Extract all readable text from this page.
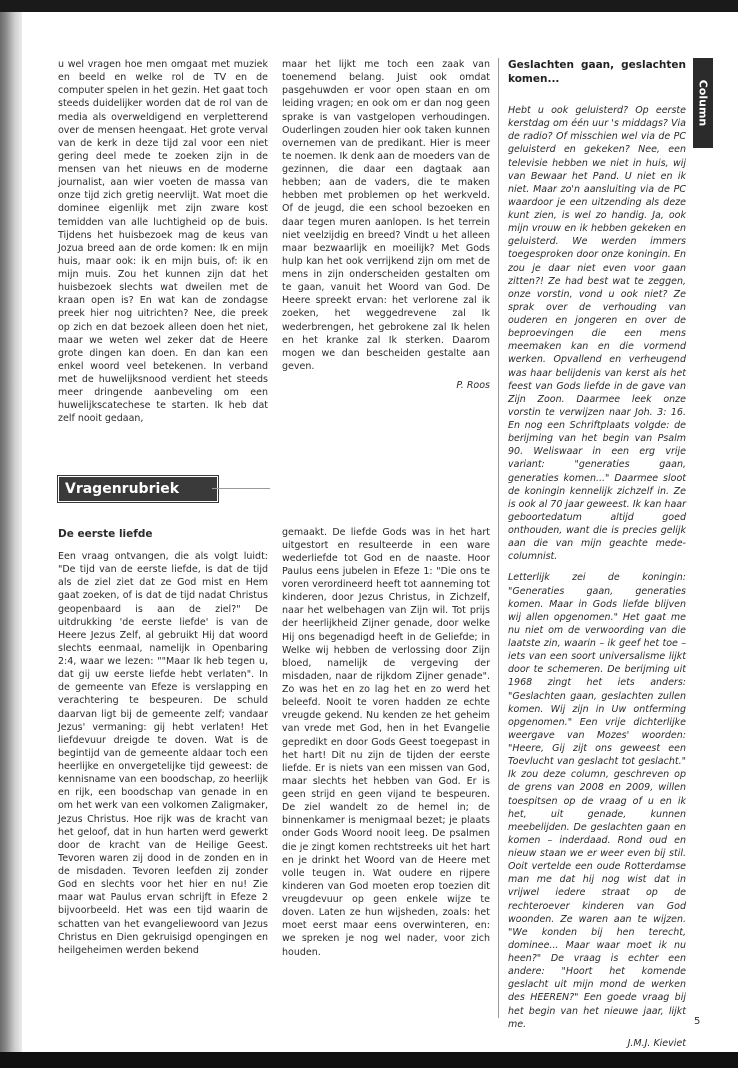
u wel vragen hoe men omgaat met muziek en beeld en welke rol de TV en de computer spelen in het gezin. Het gaat toch steeds duidelijker worden dat de rol van de media als overweldigend en verpletterend over de mensen heengaat. Het grote verval van de kerk in deze tijd zal voor een niet gering deel mede te zoeken zijn in de mensen van het nieuws en de moderne journalist, aan wier voeten de massa van onze tijd zich gretig neervlijt. Wat moet die dominee eigenlijk met zijn zware kost temidden van alle luchtigheid op de buis. Tijdens het huisbezoek mag de keus van Jozua breed aan de orde komen: Ik en mijn huis, maar ook: ik en mijn buis, of: ik en mijn muis. Zou het kunnen zijn dat het huisbezoek slechts wat dweilen met de kraan open is? En wat kan de zondagse preek hier nog uitrichten? Nee, die preek op zich en dat bezoek alleen doen het niet, maar we weten wel zeker dat de Heere grote dingen kan doen. En dan kan een enkel woord veel betekenen. In verband met de huwelijksnood verdient het steeds meer dringende aanbeveling om een huwelijkscatechese te starten. Ik heb dat zelf nooit gedaan,

maar het lijkt me toch een zaak van toenemend belang. Juist ook omdat pasgehuwden er voor open staan en om leiding vragen; en ook om er dan nog geen sprake is van vastgelopen verhoudingen. Ouderlingen zouden hier ook taken kunnen overnemen van de predikant. Hier is meer te noemen. Ik denk aan de moeders van de gezinnen, die daar een dagtaak aan hebben; aan de vaders, die te maken hebben met problemen op het werkveld. Of de jeugd, die een school bezoeken en daar tegen muren aanlopen. Is het terrein niet veelzijdig en breed? Vindt u het alleen maar bezwaarlijk en moeilijk? Met Gods hulp kan het ook verrijkend zijn om met de mens in zijn onderscheiden gestalten om te gaan, vanuit het Woord van God. De Heere spreekt ervan: het verlorene zal ik zoeken, het weggedrevene zal Ik wederbrengen, het gebrokene zal Ik helen en het kranke zal Ik sterken. Daarom mogen we dan bescheiden gestalte aan geven.

P. Roos

Vragenrubriek

De eerste liefde

Een vraag ontvangen, die als volgt luidt: "De tijd van de eerste liefde, is dat de tijd als de ziel ziet dat ze God mist en Hem gaat zoeken, of is dat de tijd nadat Christus geopenbaard is aan de ziel?" De uitdrukking 'de eerste liefde' is van de Heere Jezus Zelf, al gebruikt Hij dat woord slechts eenmaal, namelijk in Openbaring 2:4, waar we lezen: ""Maar Ik heb tegen u, dat gij uw eerste liefde hebt verlaten". In de gemeente van Efeze is verslapping en verachtering te bespeuren. De schuld daarvan ligt bij de gemeente zelf; vandaar Jezus' vermaning: gij hebt verlaten! Het liefdevuur dreigde te doven. Wat is de begintijd van de gemeente aldaar toch een heerlijke en onvergetelijke tijd geweest: de kennisname van een boodschap, zo heerlijk en rijk, een boodschap van genade in en om het werk van een volkomen Zaligmaker, Jezus Christus. Hoe rijk was de kracht van het geloof, dat in hun harten werd gewerkt door de kracht van de Heilige Geest. Tevoren waren zij dood in de zonden en in de misdaden. Tevoren leefden zij zonder God en slechts voor het hier en nu! Zie maar wat Paulus ervan schrijft in Efeze 2 bijvoorbeeld. Het was een tijd waarin de schatten van het evangeliewoord van Jezus Christus en Dien gekruisigd opengingen en heilgeheimen werden bekend

gemaakt. De liefde Gods was in het hart uitgestort en resulteerde in een ware wederliefde tot God en de naaste. Hoor Paulus eens jubelen in Efeze 1: "Die ons te voren verordineerd heeft tot aanneming tot kinderen, door Jezus Christus, in Zichzelf, naar het welbehagen van Zijn wil. Tot prijs der heerlijkheid Zijner genade, door welke Hij ons begenadigd heeft in de Geliefde; in Welke wij hebben de verlossing door Zijn bloed, namelijk de vergeving der misdaden, naar de rijkdom Zijner genade". Zo was het en zo lag het en zo werd het beleefd. Nooit te voren hadden ze echte vreugde gekend. Nu kenden ze het geheim van vrede met God, hen in het Evangelie gepredikt en door Gods Geest toegepast in het hart! Dit nu zijn de tijden der eerste liefde. Er is niets van een missen van God, maar slechts het hebben van God. Er is geen strijd en geen vijand te bespeuren. De ziel wandelt zo de hemel in; de binnenkamer is menigmaal bezet; je plaats onder Gods Woord nooit leeg. De psalmen die je zingt komen rechtstreeks uit het hart en je drinkt het Woord van de Heere met volle teugen in. Wat oudere en rijpere kinderen van God moeten erop toezien dit vreugdevuur op geen enkele wijze te doven. Laten ze hun wijsheden, zoals: het moet eerst maar eens overwinteren, en: we spreken je nog wel nader, voor zich houden.

Geslachten gaan, geslachten komen...

Hebt u ook geluisterd? Op eerste kerstdag om één uur 's middags? Via de radio? Of misschien wel via de PC geluisterd en gekeken? Nee, een televisie hebben we niet in huis, wij van Bewaar het Pand. U niet en ik niet. Maar zo'n aansluiting via de PC waardoor je een uitzending als deze kunt zien, is wel zo handig. Ja, ook mijn vrouw en ik hebben gekeken en geluisterd. We werden immers toegesproken door onze koningin. En zou je daar niet even voor gaan zitten?! Ze had best wat te zeggen, onze vorstin, vond u ook niet? Ze sprak over de verhouding van ouderen en jongeren en over de beproevingen die een mens meemaken kan en die vormend werken. Opvallend en verheugend was haar belijdenis van kerst als het feest van Gods liefde in de gave van Zijn Zoon. Daarmee leek onze vorstin te verwijzen naar Joh. 3: 16. En nog een Schriftplaats volgde: de berijming van het begin van Psalm 90. Weliswaar in een erg vrije variant: "generaties gaan, generaties komen..." Daarmee sloot de koningin kennelijk zichzelf in. Ze is ook al 70 jaar geweest. Ik kan haar geboortedatum altijd goed onthouden, want die is precies gelijk aan die van mijn geachte mede-columnist.

Letterlijk zei de koningin: "Generaties gaan, generaties komen. Maar in Gods liefde blijven wij allen opgenomen." Het gaat me nu niet om de verwoording van die laatste zin, waarin – ik geef het toe – iets van een soort universalisme lijkt door te schemeren. De berijming uit 1968 zingt het iets anders: "Geslachten gaan, geslachten zullen komen. Wij zijn in Uw ontferming opgenomen." Een vrije dichterlijke weergave van Mozes' woorden: "Heere, Gij zijt ons geweest een Toevlucht van geslacht tot geslacht." Ik zou deze column, geschreven op de grens van 2008 en 2009, willen toespitsen op de vraag of u en ik het, uit genade, kunnen meebelijden. De geslachten gaan en komen – inderdaad. Rond oud en nieuw staan we er weer even bij stil. Ooit vertelde een oude Rotterdamse man me dat hij nog wist dat in vrijwel iedere straat op de rechteroever kinderen van God woonden. Ze waren aan te wijzen. "We konden bij hen terecht, dominee... Maar waar moet ik nu heen?" De vraag is echter een andere: "Hoort het komende geslacht uit mijn mond de werken des HEEREN?" Een goede vraag bij het begin van het nieuwe jaar, lijkt me.

J.M.J. Kieviet

Column
5
